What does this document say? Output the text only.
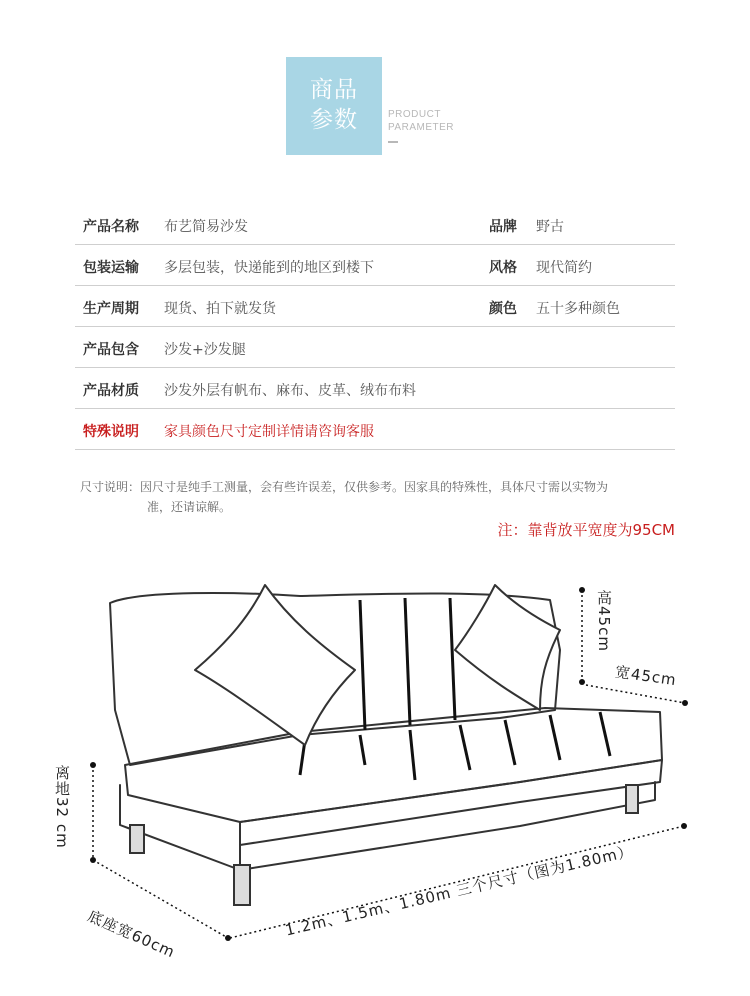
商品
参数	PRODUCT
PARAMETER
产品名称 布艺简易沙发	品牌 野古
包装运输 多层包装，快递能到的地区到楼下	风格 现代简约
生产周期 现货、拍下就发货	颜色 五十多种颜色
产品包含 沙发+沙发腿
产品材质 沙发外层有帆布、麻布、皮革、绒布布料
特殊说明 家具颜色尺寸定制详情请咨询客服
尺寸说明：因尺寸是纯手工测量，会有些许误差，仅供参考。因家具的特殊性，具体尺寸需以实物为
准，还请谅解。
注：靠背放平宽度为95CM
高45cm
宽45cm
离地32 cm
底座宽60cm	1.2m、1.5m、1.80m 三个尺寸（图为1.80m）
